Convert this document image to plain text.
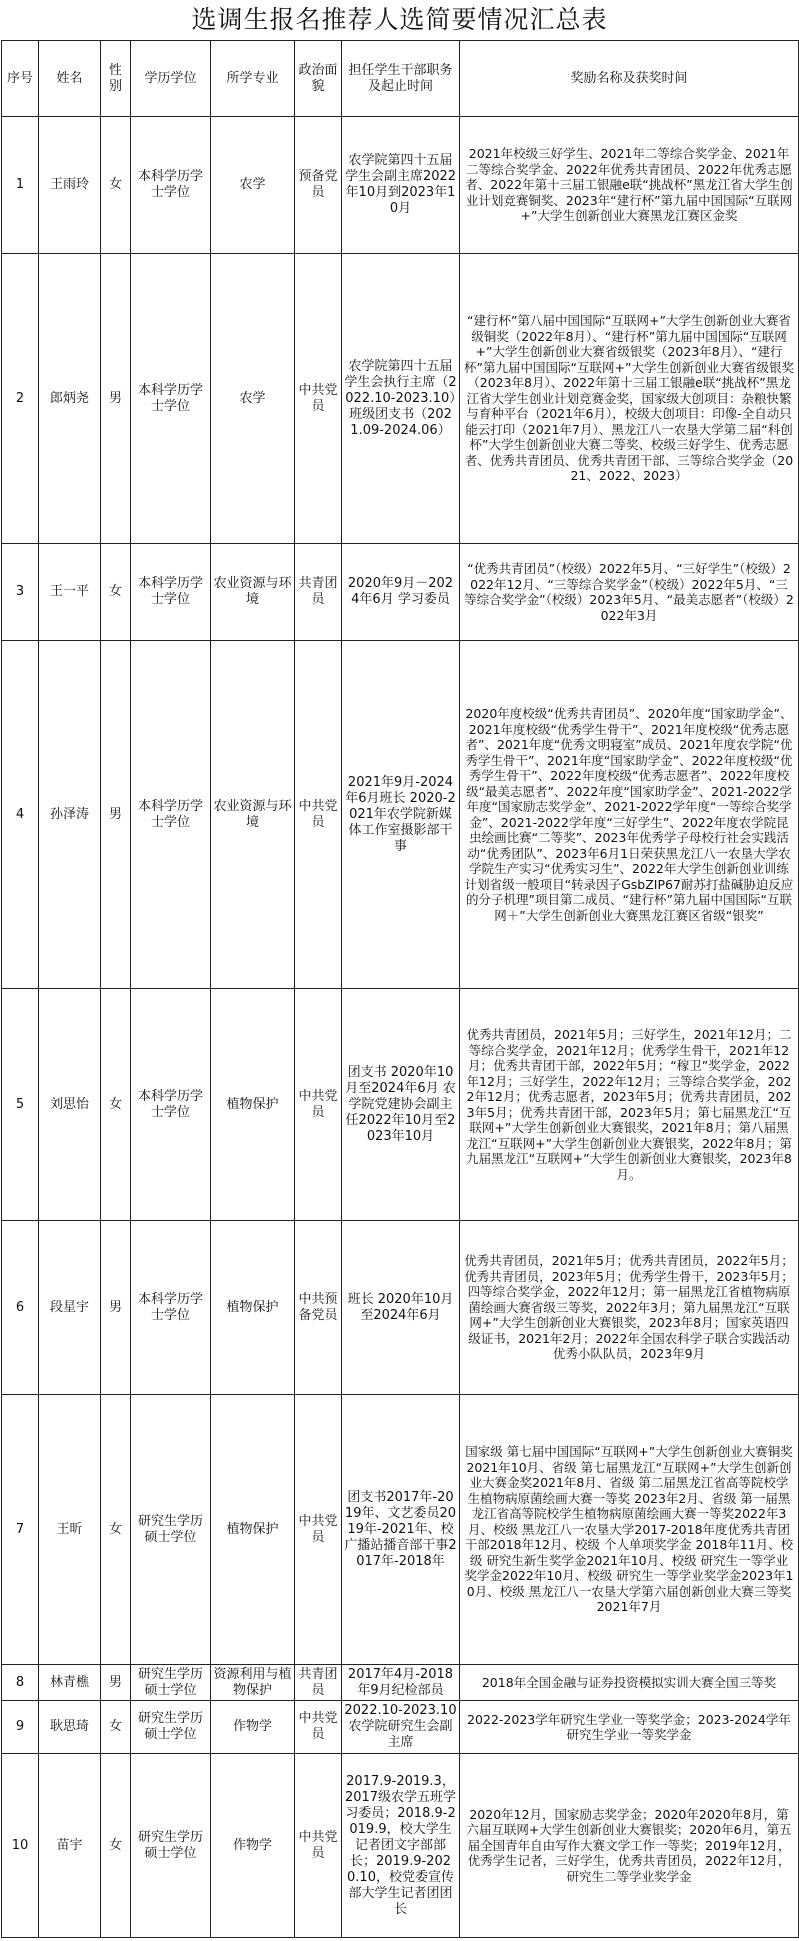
选调生报名推荐人选简要情况汇总表
序号	姓名	性别	学历学位	所学专业	政治面貌	担任学生干部职务及起止时间	奖励名称及获奖时间
1	王雨玲	女	本科学历学士学位	农学	预备党员	农学院第四十五届学生会副主席2022年10月到2023年10月	2021年校级三好学生、2021年二等综合奖学金、2021年二等综合奖学金、2022年优秀共青团员、2022年优秀志愿者、2022年第十三届工银融e联“挑战杯”黑龙江省大学生创业计划竞赛铜奖、2023年“建行杯”第九届中国国际“互联网+”大学生创新创业大赛黑龙江赛区金奖
2	郎炳尧	男	本科学历学士学位	农学	中共党员	农学院第四十五届学生会执行主席（2022.10-2023.10）班级团支书（2021.09-2024.06）	“建行杯”第八届中国国际“互联网+”大学生创新创业大赛省级铜奖（2022年8月）、“建行杯”第九届中国国际“互联网+”大学生创新创业大赛省级银奖（2023年8月）、“建行杯”第九届中国国际“互联网+”大学生创新创业大赛省级银奖（2023年8月）、2022年第十三届工银融e联“挑战杯”黑龙江省大学生创业计划竞赛金奖，国家级大创项目：杂粮快繁与育种平台（2021年6月），校级大创项目：印像-全自动只能云打印（2021年7月）、黑龙江八一农垦大学第二届“科创杯”大学生创新创业大赛二等奖、校级三好学生、优秀志愿者、优秀共青团员、优秀共青团干部、三等综合奖学金（2021、2022、2023）
3	王一平	女	本科学历学士学位	农业资源与环境	共青团员	2020年9月－2024年6月 学习委员	“优秀共青团员”（校级）2022年5月、“三好学生”（校级）2022年12月、“三等综合奖学金”（校级）2022年5月、“三等综合奖学金”（校级）2023年5月、“最美志愿者”（校级）2022年3月
4	孙泽涛	男	本科学历学士学位	农业资源与环境	中共党员	2021年9月-2024年6月班长 2020-2021年农学院新媒体工作室摄影部干事	2020年度校级“优秀共青团员”、2020年度“国家助学金”、2021年度校级“优秀学生骨干”、2021年度校级“优秀志愿者”、2021年度“优秀文明寝室”成员、2021年度农学院“优秀学生骨干”、2021年度“国家助学金”、2022年度校级“优秀学生骨干”、2022年度校级“优秀志愿者”、2022年度校级“最美志愿者”、2022年度“国家助学金”、2021-2022学年度“国家励志奖学金”、2021-2022学年度“一等综合奖学金”、2021-2022学年度“三好学生”、2022年度农学院昆虫绘画比赛“二等奖”、2023年优秀学子母校行社会实践活动“优秀团队”、2023年6月1日荣获黑龙江八一农垦大学农学院生产实习“优秀实习生”、2022年大学生创新创业训练计划省级一般项目“转录因子GsbZIP67耐苏打盐碱胁迫反应的分子机理”项目第二成员、“建行杯”第九届中国国际“互联网＋”大学生创新创业大赛黑龙江赛区省级“银奖”
5	刘思怡	女	本科学历学士学位	植物保护	中共党员	团支书 2020年10月至2024年6月 农学院党建协会副主任2022年10月至2023年10月	优秀共青团员，2021年5月；三好学生，2021年12月；二等综合奖学金，2021年12月；优秀学生骨干，2021年12月；优秀共青团干部，2022年5月；“稼卫”奖学金，2022年12月；三好学生，2022年12月；三等综合奖学金，2022年12月；优秀志愿者，2023年5月；优秀共青团员，2023年5月；优秀共青团干部，2023年5月；第七届黑龙江“互联网+”大学生创新创业大赛银奖，2021年8月；第八届黑龙江“互联网+”大学生创新创业大赛银奖，2022年8月；第九届黑龙江“互联网+”大学生创新创业大赛银奖，2023年8月。
6	段星宇	男	本科学历学士学位	植物保护	中共预备党员	班长 2020年10月至2024年6月	优秀共青团员，2021年5月；优秀共青团员，2022年5月；优秀共青团员，2023年5月；优秀学生骨干，2023年5月；四等综合奖学金，2022年12月；第一届黑龙江省植物病原菌绘画大赛省级三等奖，2022年3月；第九届黑龙江“互联网+”大学生创新创业大赛银奖，2023年8月；国家英语四级证书，2021年2月；2022年全国农科学子联合实践活动优秀小队队员，2023年9月
7	王昕	女	研究生学历硕士学位	植物保护	中共党员	团支书2017年-2019年、文艺委员2019年-2021年、校广播站播音部干事2017年-2018年	国家级 第七届中国国际“互联网+”大学生创新创业大赛铜奖 2021年10月、省级 第七届黑龙江“互联网+”大学生创新创业大赛金奖2021年8月、省级 第二届黑龙江省高等院校学生植物病原菌绘画大赛一等奖 2023年2月、省级 第一届黑龙江省高等院校学生植物病原菌绘画大赛一等奖2022年3月、校级 黑龙江八一农垦大学2017-2018年度优秀共青团干部2018年12月、校级 个人单项奖学金 2018年11月、校级 研究生新生奖学金2021年10月、校级 研究生一等学业奖学金2022年10月、校级 研究生一等学业奖学金2023年10月、校级 黑龙江八一农垦大学第六届创新创业大赛三等奖2021年7月
8	林青樵	男	研究生学历硕士学位	资源利用与植物保护	共青团员	2017年4月-2018年9月纪检部员	2018年全国金融与证券投资模拟实训大赛全国三等奖
9	耿思琦	女	研究生学历硕士学位	作物学	中共党员	2022.10-2023.10农学院研究生会副主席	2022-2023学年研究生学业一等奖学金；2023-2024学年研究生学业一等奖学金
10	苗宇	女	研究生学历硕士学位	作物学	中共党员	2017.9-2019.3，2017级农学五班学习委员；2018.9-2019.9，校大学生记者团文字部部长；2019.9-2020.10，校党委宣传部大学生记者团团长	2020年12月，国家励志奖学金；2020年2020年8月，第六届互联网+大学生创新创业大赛银奖；2020年6月，第五届全国青年自由写作大赛文学工作一等奖；2019年12月，优秀学生记者，三好学生，优秀共青团员，2022年12月，研究生二等学业奖学金
